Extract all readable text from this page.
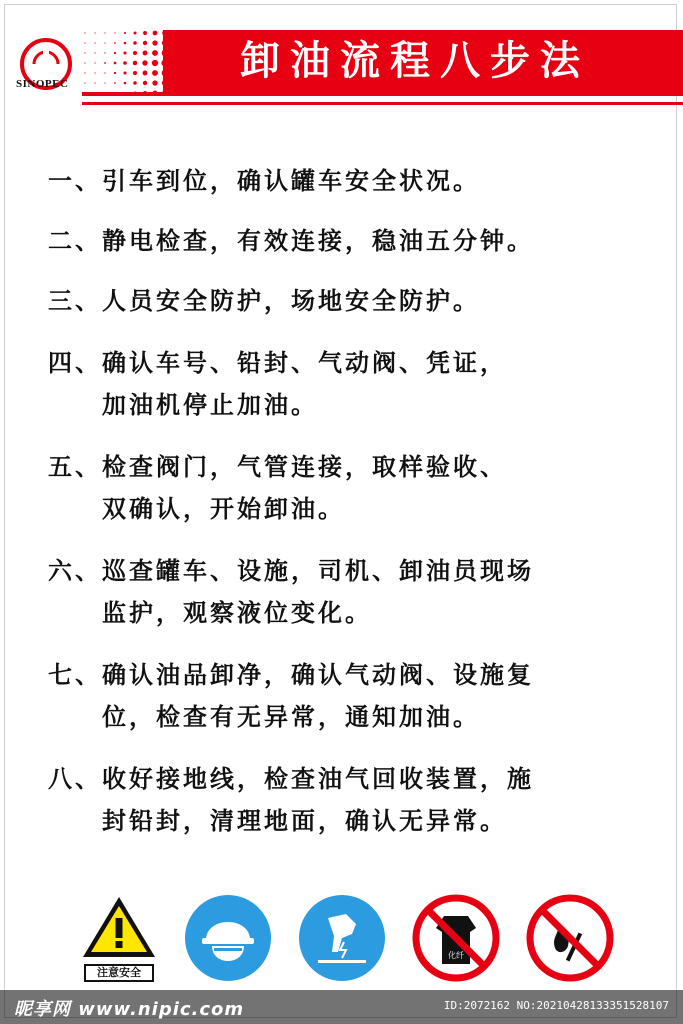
卸油流程八步法
SINOPEC
一、 引车到位，确认罐车安全状况。
二、 静电检查，有效连接，稳油五分钟。
三、 人员安全防护，场地安全防护。
四、 确认车号、铅封、气动阀、凭证，
加油机停止加油。
五、 检查阀门，气管连接，取样验收、
双确认，开始卸油。
六、 巡查罐车、设施，司机、卸油员现场
监护，观察液位变化。
七、 确认油品卸净，确认气动阀、设施复
位，检查有无异常，通知加油。
八、 收好接地线，检查油气回收装置，施
封铅封，清理地面，确认无异常。
注意安全
化纤
昵享网 www.nipic.com	ID:2072162 NO:20210428133351528107
